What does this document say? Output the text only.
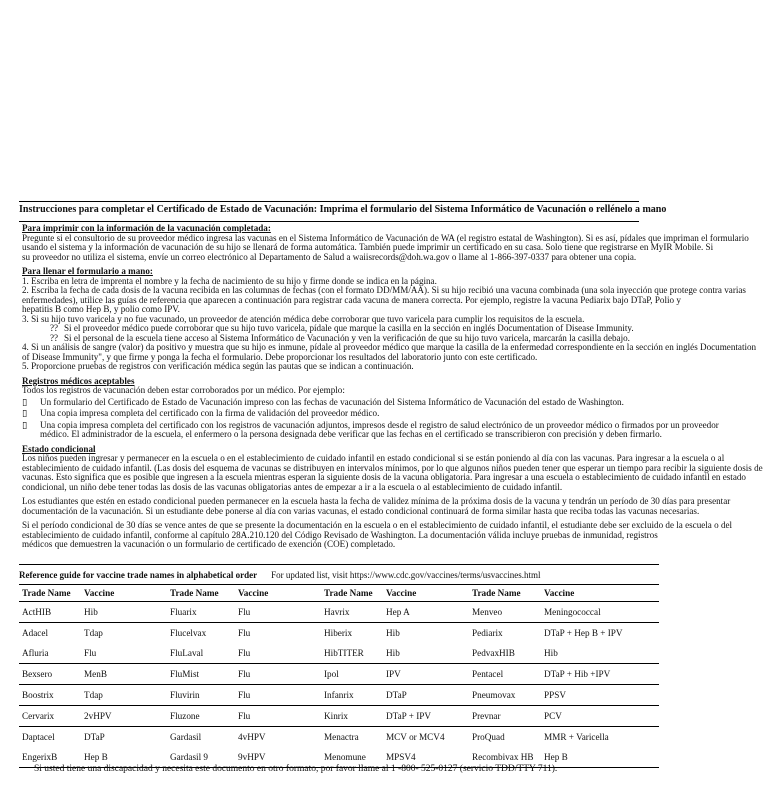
Instrucciones para completar el Certificado de Estado de Vacunación: Imprima el formulario del Sistema Informático de Vacunación o rellénelo a mano

Para imprimir con la información de la vacunación completada:

Pregunte si el consultorio de su proveedor médico ingresa las vacunas en el Sistema Informático de Vacunación de WA (el registro estatal de Washington). Si es así, pídales que impriman el formulario

usando el sistema y la información de vacunación de su hijo se llenará de forma automática. También puede imprimir un certificado en su casa. Solo tiene que registrarse en MyIR Mobile. Si

su proveedor no utiliza el sistema, envíe un correo electrónico al Departamento de Salud a waiisrecords@doh.wa.gov o llame al 1-866-397-0337 para obtener una copia.

Para llenar el formulario a mano:

1. Escriba en letra de imprenta el nombre y la fecha de nacimiento de su hijo y firme donde se indica en la página.

2. Escriba la fecha de cada dosis de la vacuna recibida en las columnas de fechas (con el formato DD/MM/AA). Si su hijo recibió una vacuna combinada (una sola inyección que protege contra varias

enfermedades), utilice las guías de referencia que aparecen a continuación para registrar cada vacuna de manera correcta. Por ejemplo, registre la vacuna Pediarix bajo DTaP, Polio y

hepatitis B como Hep B, y polio como IPV.

3. Si su hijo tuvo varicela y no fue vacunado, un proveedor de atención médica debe corroborar que tuvo varicela para cumplir los requisitos de la escuela.

?? Si el proveedor médico puede corroborar que su hijo tuvo varicela, pídale que marque la casilla en la sección en inglés Documentation of Disease Immunity.

?? Si el personal de la escuela tiene acceso al Sistema Informático de Vacunación y ven la verificación de que su hijo tuvo varicela, marcarán la casilla debajo.

4. Si un análisis de sangre (valor) da positivo y muestra que su hijo es inmune, pídale al proveedor médico que marque la casilla de la enfermedad correspondiente en la sección en inglés Documentation

of Disease Immunity", y que firme y ponga la fecha el formulario. Debe proporcionar los resultados del laboratorio junto con este certificado.

5. Proporcione pruebas de registros con verificación médica según las pautas que se indican a continuación.

Registros médicos aceptables

Todos los registros de vacunación deben estar corroborados por un médico. Por ejemplo:

▯ Un formulario del Certificado de Estado de Vacunación impreso con las fechas de vacunación del Sistema Informático de Vacunación del estado de Washington.

▯ Una copia impresa completa del certificado con la firma de validación del proveedor médico.

▯ Una copia impresa completa del certificado con los registros de vacunación adjuntos, impresos desde el registro de salud electrónico de un proveedor médico o firmados por un proveedor

médico. El administrador de la escuela, el enfermero o la persona designada debe verificar que las fechas en el certificado se transcribieron con precisión y deben firmarlo.

Estado condicional

Los niños pueden ingresar y permanecer en la escuela o en el establecimiento de cuidado infantil en estado condicional si se están poniendo al día con las vacunas. Para ingresar a la escuela o al

establecimiento de cuidado infantil. (Las dosis del esquema de vacunas se distribuyen en intervalos mínimos, por lo que algunos niños pueden tener que esperar un tiempo para recibir la siguiente dosis de

vacunas. Esto significa que es posible que ingresen a la escuela mientras esperan la siguiente dosis de la vacuna obligatoria. Para ingresar a una escuela o establecimiento de cuidado infantil en estado

condicional, un niño debe tener todas las dosis de las vacunas obligatorias antes de empezar a ir a la escuela o al establecimiento de cuidado infantil.

Los estudiantes que estén en estado condicional pueden permanecer en la escuela hasta la fecha de validez mínima de la próxima dosis de la vacuna y tendrán un período de 30 días para presentar

documentación de la vacunación. Si un estudiante debe ponerse al día con varias vacunas, el estado condicional continuará de forma similar hasta que reciba todas las vacunas necesarias.

Si el período condicional de 30 días se vence antes de que se presente la documentación en la escuela o en el establecimiento de cuidado infantil, el estudiante debe ser excluido de la escuela o del

establecimiento de cuidado infantil, conforme al capítulo 28A.210.120 del Código Revisado de Washington. La documentación válida incluye pruebas de inmunidad, registros

médicos que demuestren la vacunación o un formulario de certificado de exención (COE) completado.

Reference guide for vaccine trade names in alphabetical order For updated list, visit https://www.cdc.gov/vaccines/terms/usvaccines.html
Trade Name	Vaccine	Trade Name	Vaccine	Trade Name	Vaccine	Trade Name	Vaccine
ActHIB	Hib	Fluarix	Flu	Havrix	Hep A	Menveo	Meningococcal
Adacel	Tdap	Flucelvax	Flu	Hiberix	Hib	Pediarix	DTaP + Hep B + IPV
Afluria	Flu	FluLaval	Flu	HibTITER	Hib	PedvaxHIB	Hib
Bexsero	MenB	FluMist	Flu	Ipol	IPV	Pentacel	DTaP + Hib +IPV
Boostrix	Tdap	Fluvirin	Flu	Infanrix	DTaP	Pneumovax	PPSV
Cervarix	2vHPV	Fluzone	Flu	Kinrix	DTaP + IPV	Prevnar	PCV
Daptacel	DTaP	Gardasil	4vHPV	Menactra	MCV or MCV4	ProQuad	MMR + Varicella
EngerixB	Hep B	Gardasil 9	9vHPV	Menomune	MPSV4	Recombivax HB	Hep B
Si usted tiene una discapacidad y necesita este documento en otro formato, por favor llame al 1 -800- 525-0127 (servicio TDD/TTY 711).
